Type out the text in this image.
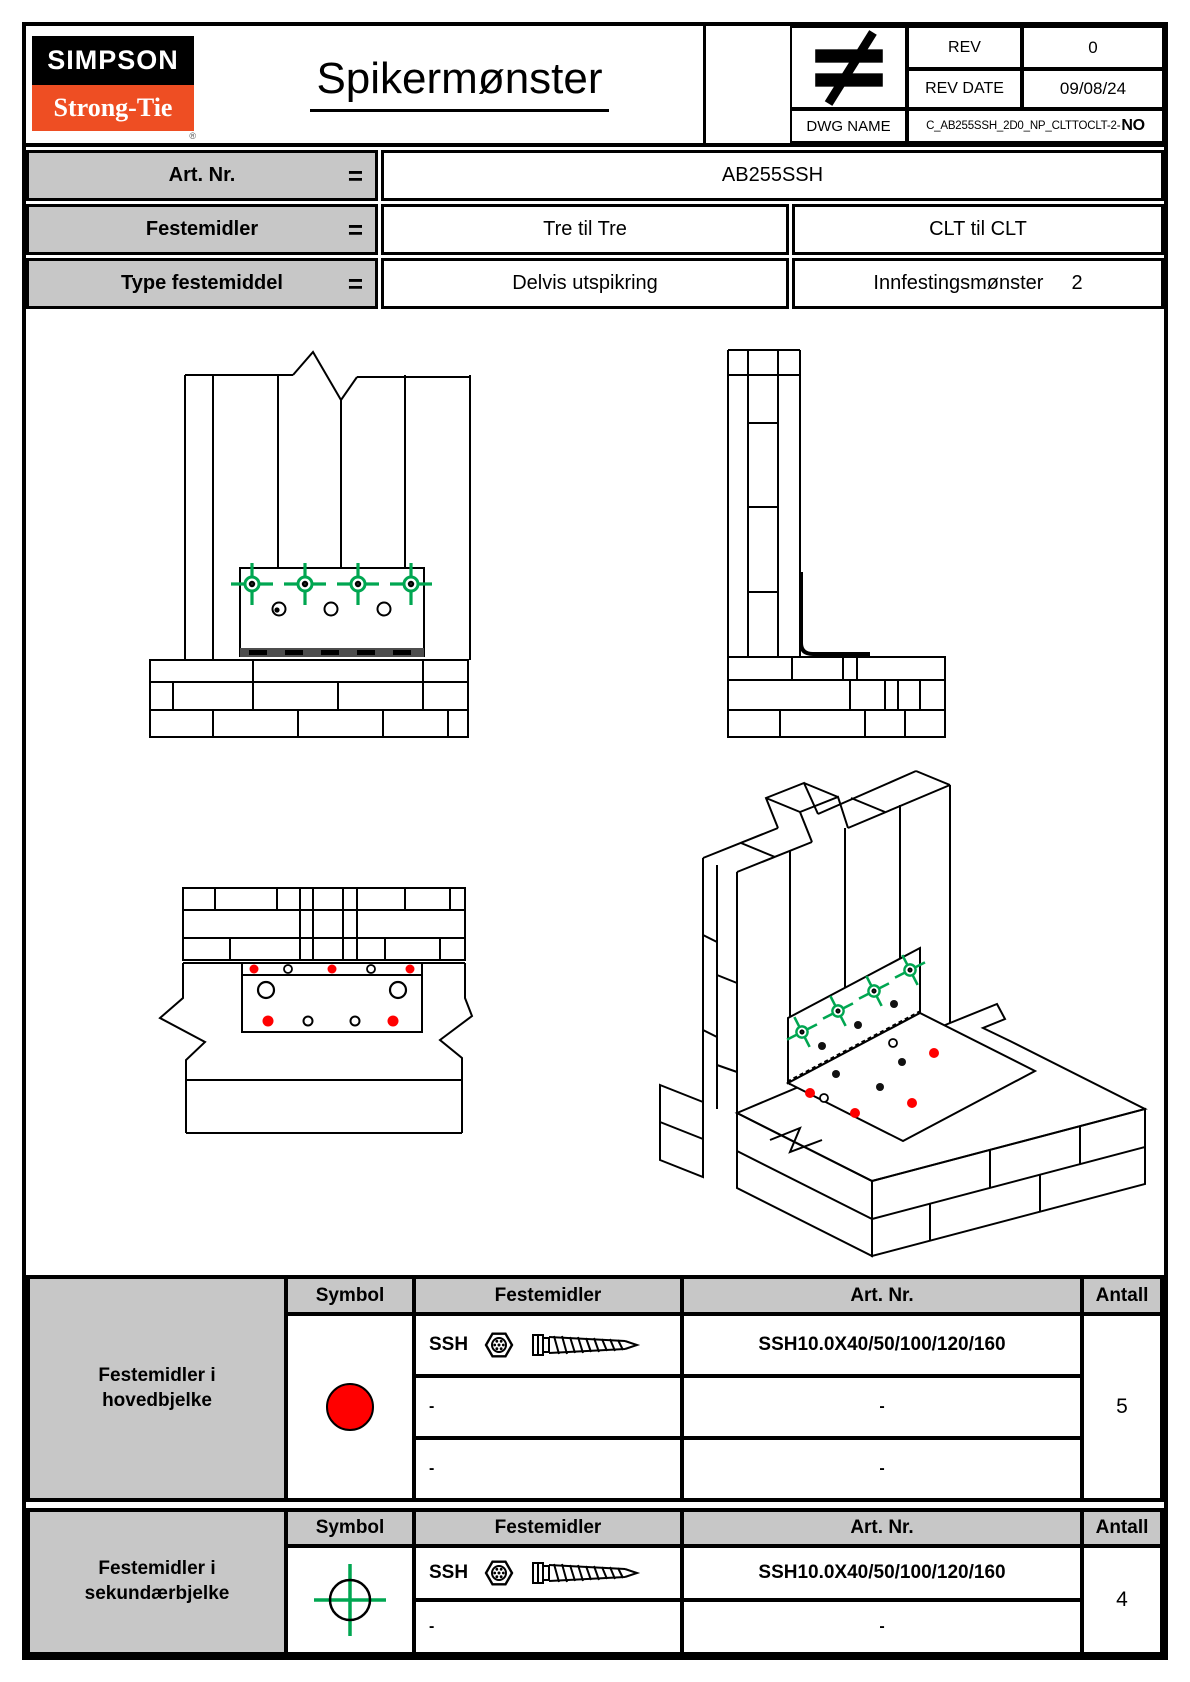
SIMPSON
Strong-Tie
®
Spikermønster
REV	0
REV DATE	09/08/24
DWG NAME	C_AB255SSH_2D0_NP_CLTTOCLT-2- NO
Art. Nr.	=	AB255SSH
Festemidler	=	Tre til Tre	CLT til CLT
Type festemiddel =	Delvis utspikring	Innfestingsmønster 2
Festemidler i hovedbjelke
Symbol	Festemidler	Art. Nr.	Antall
SSH	SSH10.0X40/50/100/120/160
-	-
-	-
5
Festemidler i sekundærbjelke
Symbol	Festemidler	Art. Nr.	Antall
SSH	SSH10.0X40/50/100/120/160
-	-
4
